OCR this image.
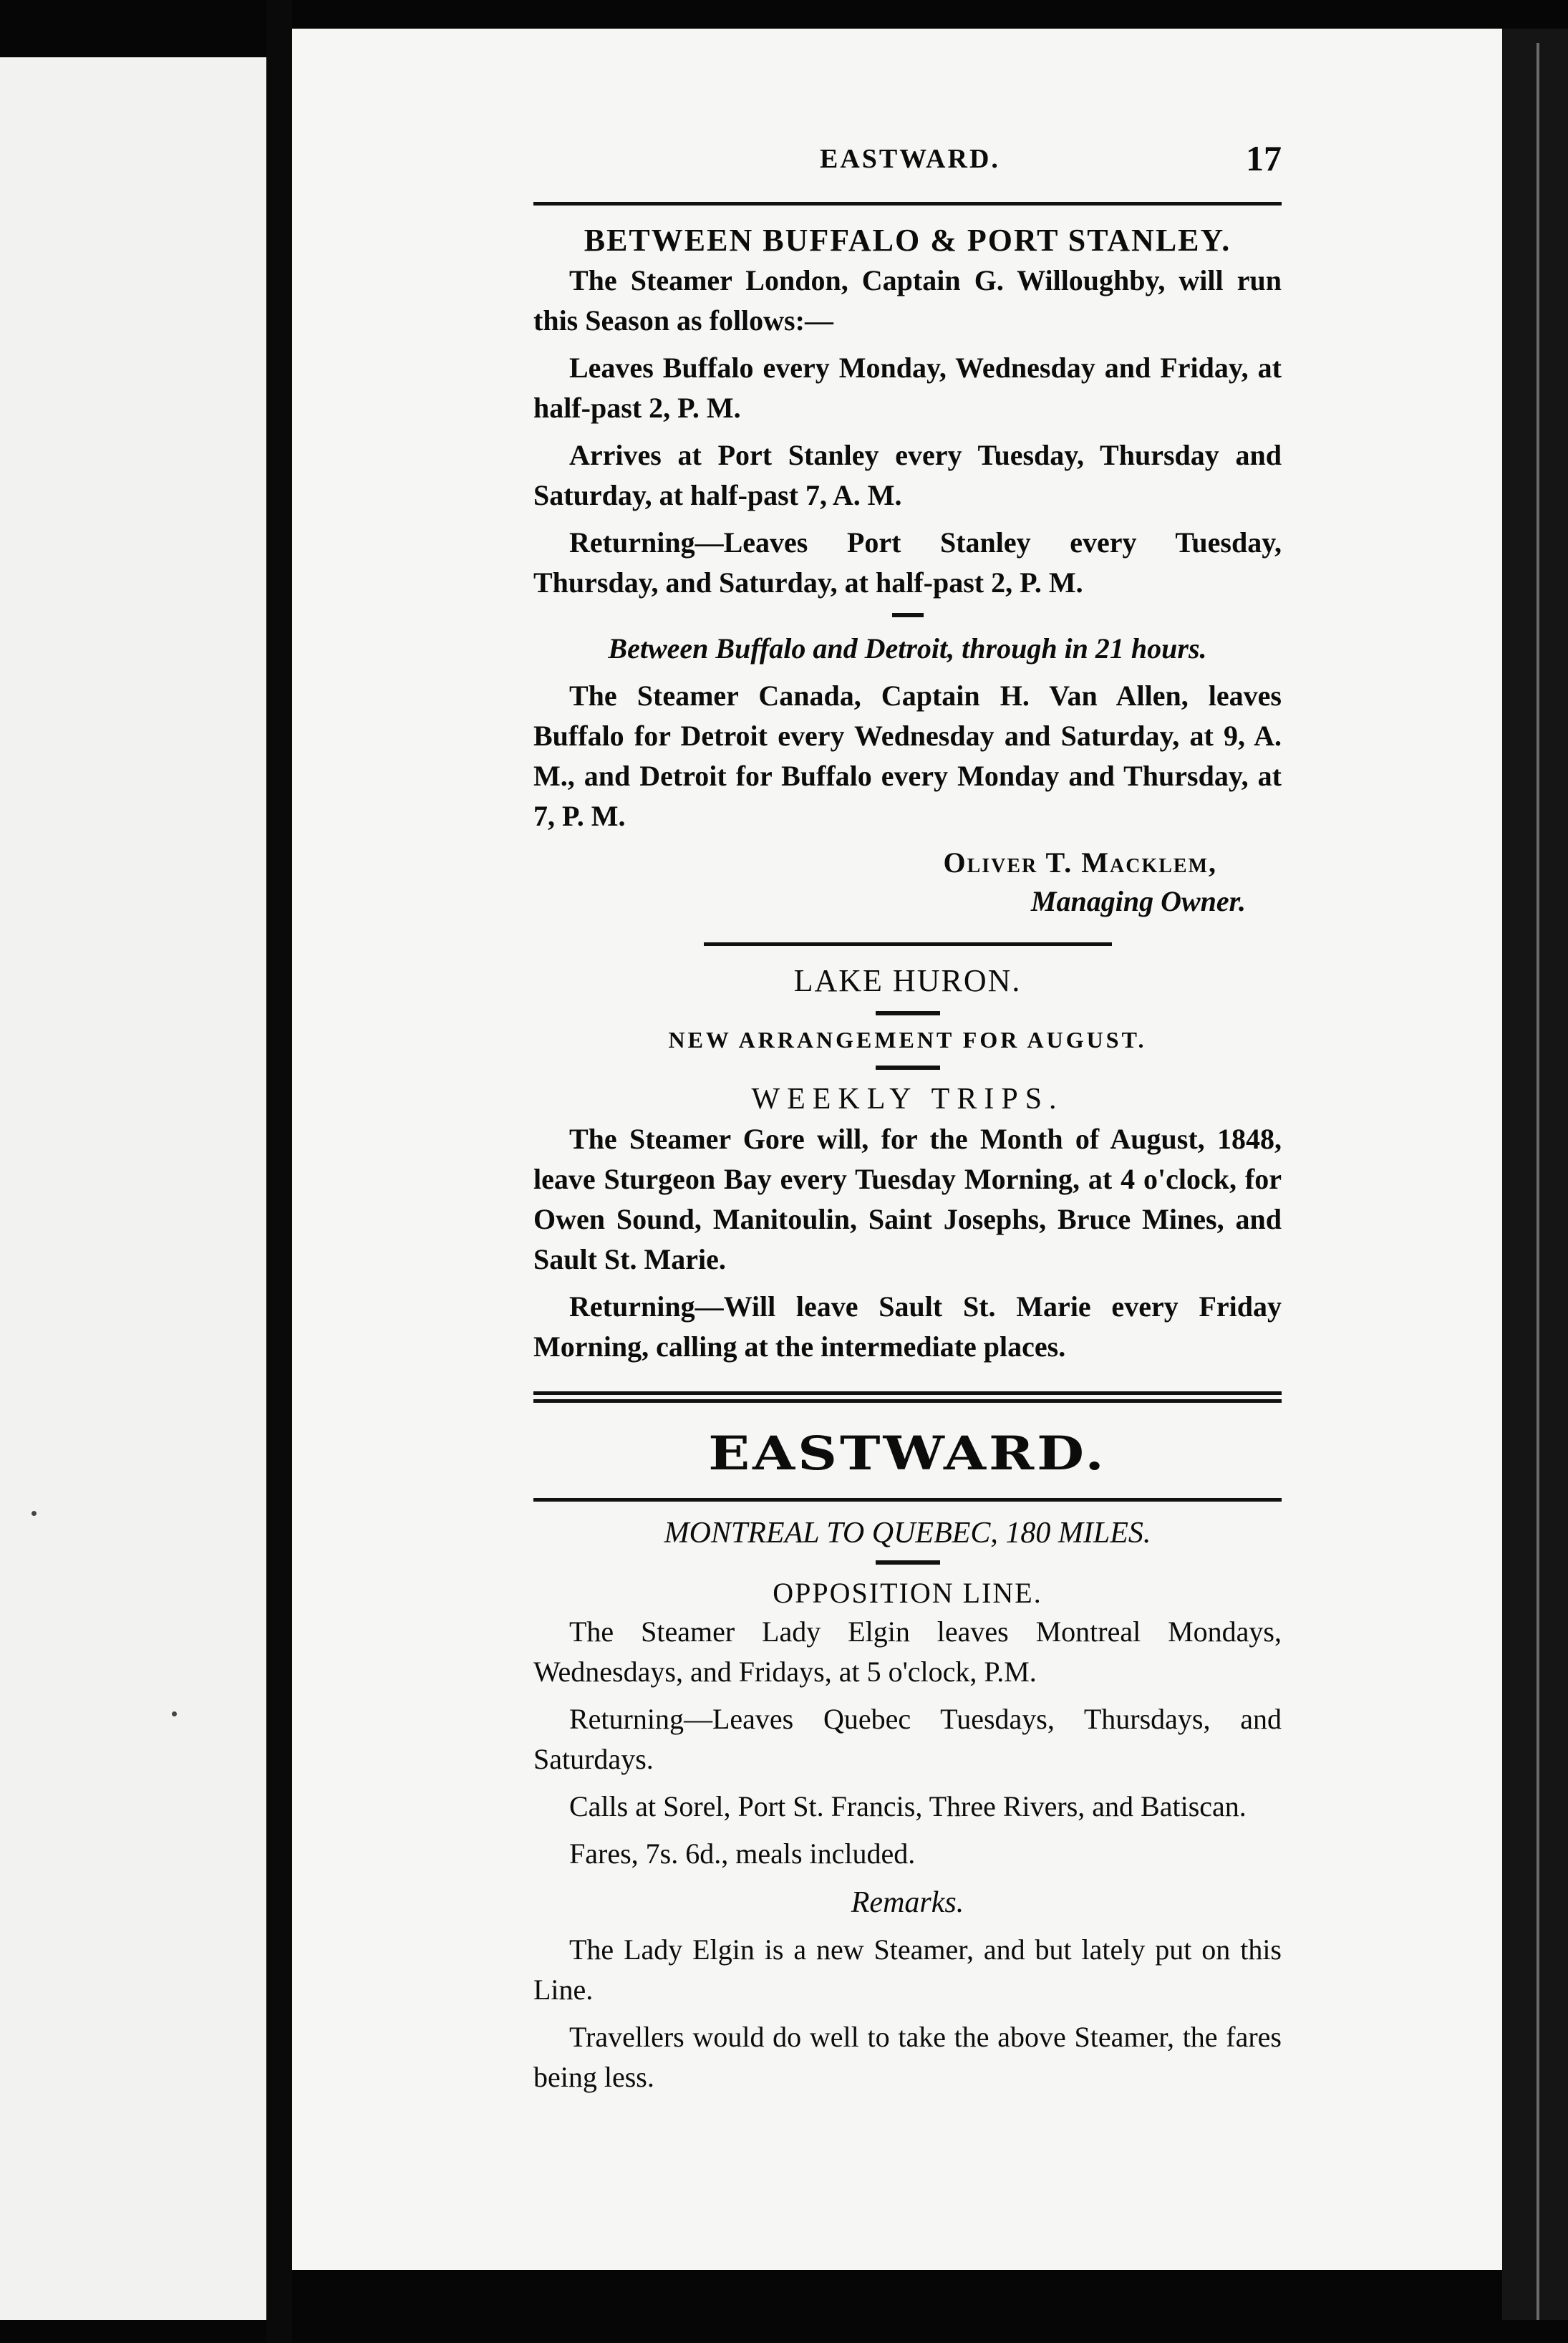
EASTWARD.	17
BETWEEN BUFFALO & PORT STANLEY.

The Steamer London, Captain G. Willoughby, will run this Season as follows:—

Leaves Buffalo every Monday, Wednesday and Friday, at half-past 2, P. M.

Arrives at Port Stanley every Tuesday, Thursday and Saturday, at half-past 7, A. M.

Returning—Leaves Port Stanley every Tuesday, Thursday, and Saturday, at half-past 2, P. M.

Between Buffalo and Detroit, through in 21 hours.

The Steamer Canada, Captain H. Van Allen, leaves Buffalo for Detroit every Wednesday and Saturday, at 9, A. M., and Detroit for Buffalo every Monday and Thursday, at 7, P. M.

Oliver T. Macklem,
Managing Owner.
LAKE HURON.
NEW ARRANGEMENT FOR AUGUST.
WEEKLY TRIPS.

The Steamer Gore will, for the Month of August, 1848, leave Sturgeon Bay every Tuesday Morning, at 4 o'clock, for Owen Sound, Manitoulin, Saint Josephs, Bruce Mines, and Sault St. Marie.

Returning—Will leave Sault St. Marie every Friday Morning, calling at the intermediate places.

EASTWARD.
MONTREAL TO QUEBEC, 180 MILES.
OPPOSITION LINE.

The Steamer Lady Elgin leaves Montreal Mondays, Wednesdays, and Fridays, at 5 o'clock, P.M.

Returning—Leaves Quebec Tuesdays, Thursdays, and Saturdays.

Calls at Sorel, Port St. Francis, Three Rivers, and Batiscan.

Fares, 7s. 6d., meals included.

Remarks.

The Lady Elgin is a new Steamer, and but lately put on this Line.

Travellers would do well to take the above Steamer, the fares being less.
